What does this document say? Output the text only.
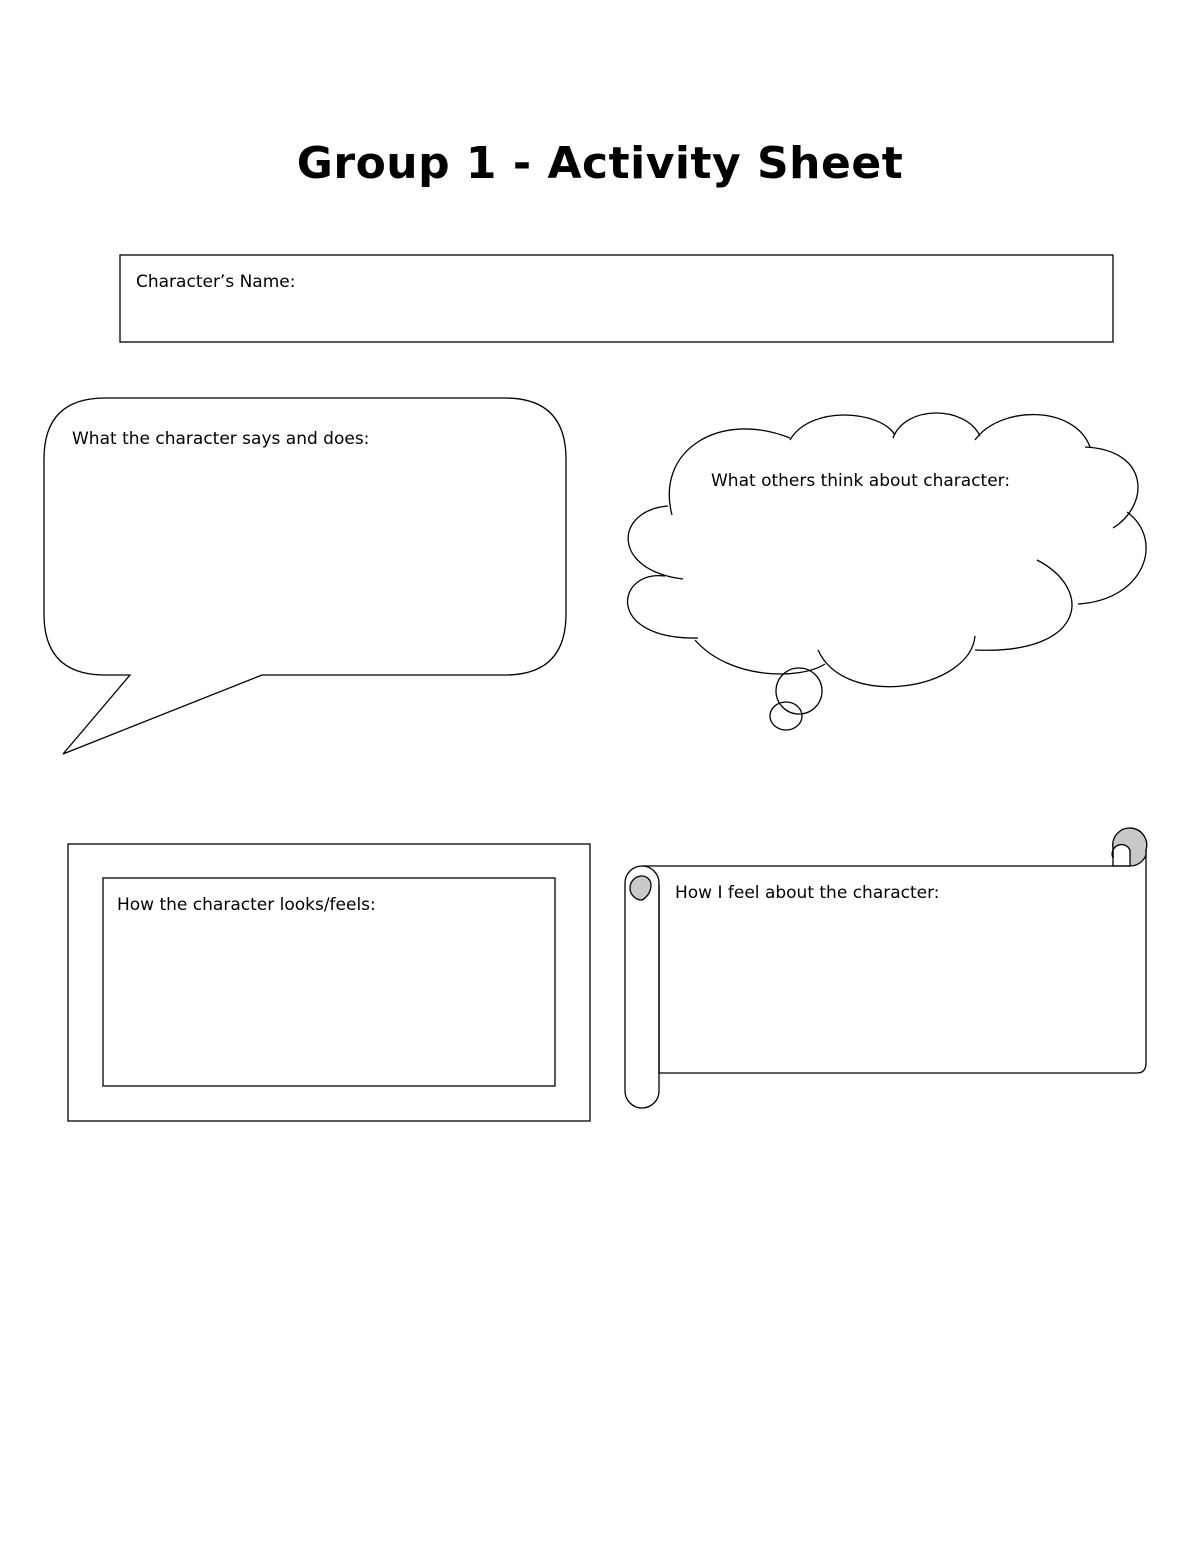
Group 1 - Activity Sheet
Character’s Name:
What the character says and does:
What others think about character:
How the character looks/feels:
How I feel about the character:
